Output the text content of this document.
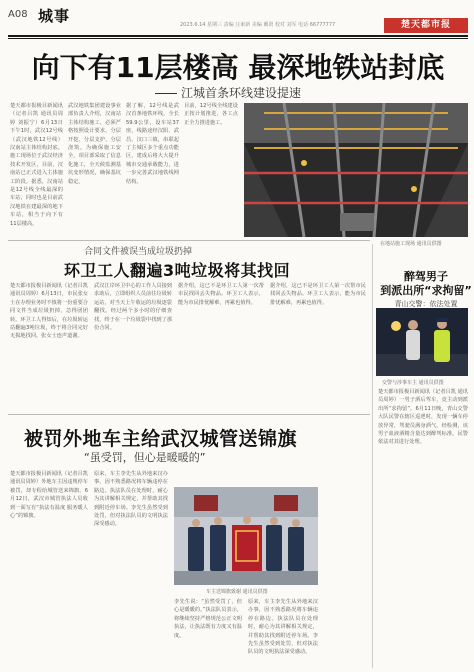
A08 城事	2023.6.14 星期三 责编 汪東新 美编 戴贤 校对 刘军 电话 66777777	楚天都市报
向下有11层楼高 最深地铁站封底
江城首条环线建设提速
楚天都市报极目新闻讯（记者吕凯 通讯员周婷 刘振宁）6月13日下午1时，武汉12号线（武汉地铁12号线）汉南站主体结构封底。施工现场位于武汉经济技术开发区，目前，汉南站已正式进入主体施工阶段。据悉，汉南站是12号线全线最深的车站，同时也是目前武汉地铁在建最深的地下车站，相当于向下有11层楼高。
武汉地铁集团建设事业部负责人介绍，汉南站主体结构施工，必须严格按照设计要求，分层开挖、分层支护、分层浇筑。为确保施工安全，项目部采取了信息化施工，全天候监测基坑变形情况，确保基坑稳定。
据了解，12号线是武汉首条地铁环线，全长59.9公里，设车站37座，线路途经汉阳、武昌、汉口三镇，串联起了主城区多个重点功能区，建成后将大大提升城市交通承载能力，进一步完善武汉地铁线网结构。
目前，12号线全线建设正按计划推进，各工点正全力推进施工。
在地站施工现场 通讯员供图
合同文件被误当成垃圾扔掉
环卫工人翻遍3吨垃圾将其找回
楚天都市报极目新闻讯（记者吕凯 通讯员周婷）6月13日，市民张女士在办理业务时不慎将一份重要合同文件当成垃圾扔掉，急得团团转。环卫工人得知后，在垃圾转运站翻遍3吨垃圾，终于将合同完好无损地找回。张女士连声道谢。
武汉江岸环卫中心的工作人员接到求助后，立即组织人员前往垃圾转运站，对当天上午收运的垃圾逐袋翻找。经过两个多小时的仔细查找，终于在一个垃圾袋中找到了那份合同。
据介绍，这已不是环卫工人第一次帮市民找回丢失物品。环卫工人表示，能为市民排忧解难，再累也值得。
据介绍，这已不是环卫工人第一次帮市民找回丢失物品。环卫工人表示，能为市民排忧解难，再累也值得。
醉驾男子
到派出所“求拘留”
青山交警：依法处置
交警与涉事车主 通讯员供图
楚天都市报极目新闻讯（记者吕凯 通讯员周婷）一男子酒后驾车，竟主动到派出所“求拘留”。6月11日晚，青山交警大队民警在辖区巡逻时，发现一辆车停放异常，驾驶员满身酒气。经检测，该男子血液酒精含量达到醉驾标准。民警依法对其进行处理。
被罚外地车主给武汉城管送锦旗
“虽受罚，但心是暖暖的”
楚天都市报极目新闻讯（记者吕凯 通讯员周婷）外地车主因违规停车被罚，却专程给城管送来锦旗。6月12日，武汉市城管执法人员收到一面写有“执法有温度 服务暖人心”的锦旗。
原来，车主李先生从外地来汉办事，因不熟悉路况将车辆违停在路边。执法队员在处理时，耐心为其讲解相关规定，并帮助其找到附近停车场。李先生虽然受到处罚，但对执法队员的文明执法深受感动。
车主送锦旗致谢 通讯员供图
李先生说：“虽然受罚了，但心是暖暖的。”执法队员表示，将继续坚持严格规范公正文明执法，让执法既有力度又有温度。
原来，车主李先生从外地来汉办事，因不熟悉路况将车辆违停在路边。执法队员在处理时，耐心为其讲解相关规定，并帮助其找到附近停车场。李先生虽然受到处罚，但对执法队员的文明执法深受感动。
